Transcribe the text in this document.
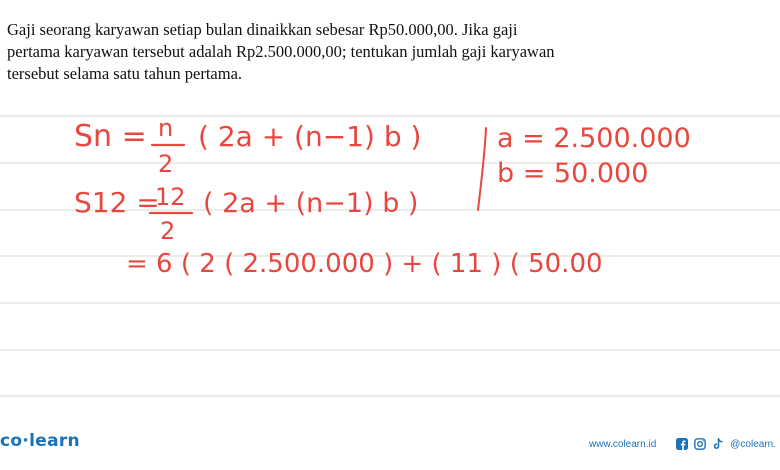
Gaji seorang karyawan setiap bulan dinaikkan sebesar Rp50.000,00. Jika gaji
pertama karyawan tersebut adalah Rp2.500.000,00; tentukan jumlah gaji karyawan
tersebut selama satu tahun pertama.
Sn = n
2
( 2a + (n−1) b )	a = 2.500.000
b = 50.000
S12 =
12
2
( 2a + (n−1) b )
= 6 ( 2 ( 2.500.000 ) + ( 11 ) ( 50.00
co·learn	www.colearn.id	@colearn.
